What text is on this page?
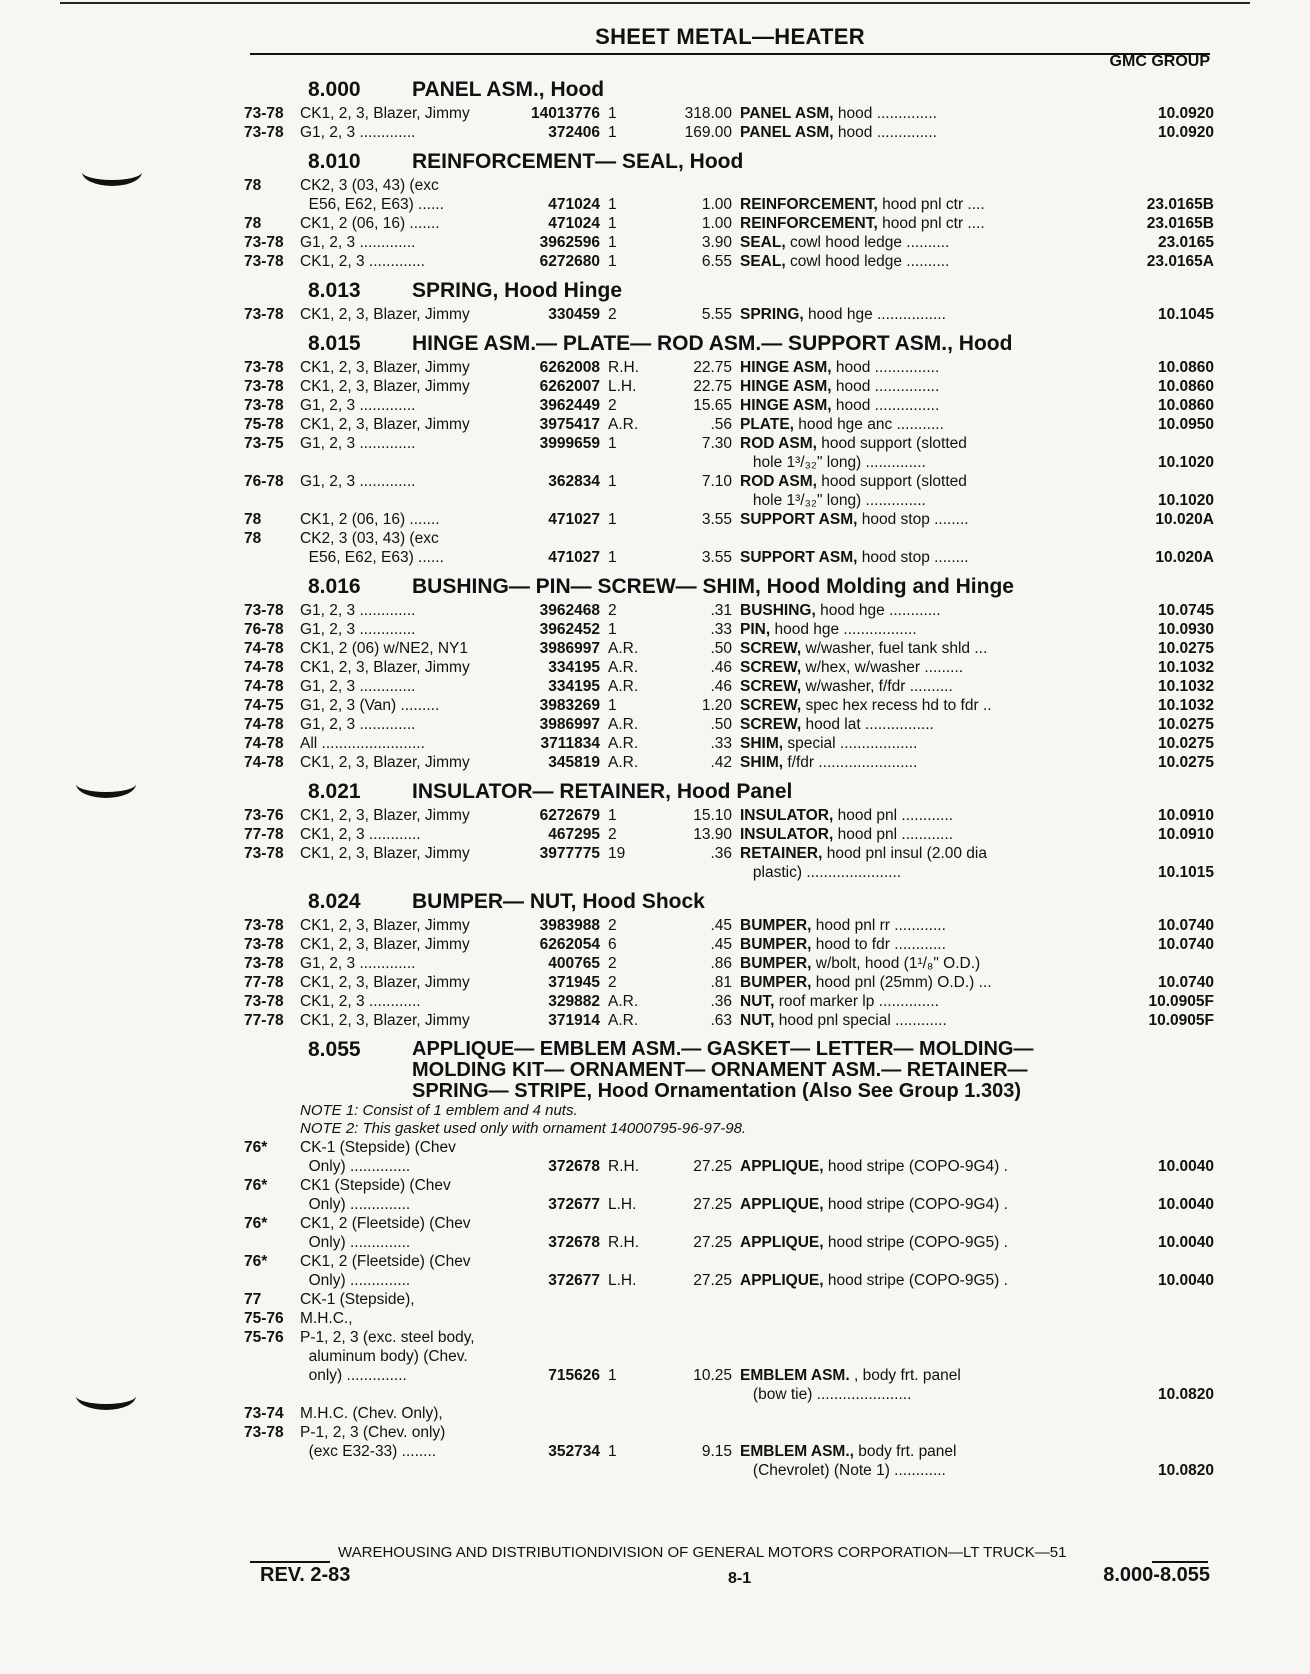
SHEET METAL—HEATER
GMC GROUP
8.000	PANEL ASM., Hood
73-78	CK1, 2, 3, Blazer, Jimmy	14013776 1	318.00 PANEL ASM, hood ..............	10.0920
73-78	G1, 2, 3 .............	372406 1	169.00 PANEL ASM, hood ..............	10.0920
8.010	REINFORCEMENT— SEAL, Hood
78	CK2, 3 (03, 43) (exc
E56, E62, E63) ......	471024 1	1.00 REINFORCEMENT, hood pnl ctr ....	23.0165B
78	CK1, 2 (06, 16) .......	471024 1	1.00 REINFORCEMENT, hood pnl ctr ....	23.0165B
73-78	G1, 2, 3 .............	3962596 1	3.90 SEAL, cowl hood ledge ..........	23.0165
73-78	CK1, 2, 3 .............	6272680 1	6.55 SEAL, cowl hood ledge ..........	23.0165A
8.013	SPRING, Hood Hinge
73-78	CK1, 2, 3, Blazer, Jimmy	330459 2	5.55 SPRING, hood hge ................	10.1045
8.015	HINGE ASM.— PLATE— ROD ASM.— SUPPORT ASM., Hood
73-78	CK1, 2, 3, Blazer, Jimmy	6262008 R.H.	22.75 HINGE ASM, hood ...............	10.0860
73-78	CK1, 2, 3, Blazer, Jimmy	6262007 L.H.	22.75 HINGE ASM, hood ...............	10.0860
73-78	G1, 2, 3 .............	3962449 2	15.65 HINGE ASM, hood ...............	10.0860
75-78	CK1, 2, 3, Blazer, Jimmy	3975417 A.R.	.56 PLATE, hood hge anc ...........	10.0950
73-75	G1, 2, 3 .............	3999659 1	7.30 ROD ASM, hood support (slotted
hole 1³/₃₂" long) ..............	10.1020
76-78	G1, 2, 3 .............	362834 1	7.10 ROD ASM, hood support (slotted
hole 1³/₃₂" long) ..............	10.1020
78	CK1, 2 (06, 16) .......	471027 1	3.55 SUPPORT ASM, hood stop ........	10.020A
78	CK2, 3 (03, 43) (exc
E56, E62, E63) ......	471027 1	3.55 SUPPORT ASM, hood stop ........	10.020A
8.016	BUSHING— PIN— SCREW— SHIM, Hood Molding and Hinge
73-78	G1, 2, 3 .............	3962468 2	.31 BUSHING, hood hge ............	10.0745
76-78	G1, 2, 3 .............	3962452 1	.33 PIN, hood hge .................	10.0930
74-78	CK1, 2 (06) w/NE2, NY1	3986997 A.R.	.50 SCREW, w/washer, fuel tank shld ...	10.0275
74-78	CK1, 2, 3, Blazer, Jimmy	334195 A.R.	.46 SCREW, w/hex, w/washer .........	10.1032
74-78	G1, 2, 3 .............	334195 A.R.	.46 SCREW, w/washer, f/fdr ..........	10.1032
74-75	G1, 2, 3 (Van) .........	3983269 1	1.20 SCREW, spec hex recess hd to fdr ..	10.1032
74-78	G1, 2, 3 .............	3986997 A.R.	.50 SCREW, hood lat ................	10.0275
74-78	All ........................	3711834 A.R.	.33 SHIM, special ..................	10.0275
74-78	CK1, 2, 3, Blazer, Jimmy	345819 A.R.	.42 SHIM, f/fdr .......................	10.0275
8.021	INSULATOR— RETAINER, Hood Panel
73-76	CK1, 2, 3, Blazer, Jimmy	6272679 1	15.10 INSULATOR, hood pnl ............	10.0910
77-78	CK1, 2, 3 ............	467295 2	13.90 INSULATOR, hood pnl ............	10.0910
73-78	CK1, 2, 3, Blazer, Jimmy	3977775 19	.36 RETAINER, hood pnl insul (2.00 dia
plastic) ......................	10.1015
8.024	BUMPER— NUT, Hood Shock
73-78	CK1, 2, 3, Blazer, Jimmy	3983988 2	.45 BUMPER, hood pnl rr ............	10.0740
73-78	CK1, 2, 3, Blazer, Jimmy	6262054 6	.45 BUMPER, hood to fdr ............	10.0740
73-78	G1, 2, 3 .............	400765 2	.86 BUMPER, w/bolt, hood (1¹/₈" O.D.)
77-78	CK1, 2, 3, Blazer, Jimmy	371945 2	.81 BUMPER, hood pnl (25mm) O.D.) ...	10.0740
73-78	CK1, 2, 3 ............	329882 A.R.	.36 NUT, roof marker lp ..............	10.0905F
77-78	CK1, 2, 3, Blazer, Jimmy	371914 A.R.	.63 NUT, hood pnl special ............	10.0905F
8.055	APPLIQUE— EMBLEM ASM.— GASKET— LETTER— MOLDING—
MOLDING KIT— ORNAMENT— ORNAMENT ASM.— RETAINER—
SPRING— STRIPE, Hood Ornamentation (Also See Group 1.303)
NOTE 1: Consist of 1 emblem and 4 nuts.
NOTE 2: This gasket used only with ornament 14000795-96-97-98.
76*	CK-1 (Stepside) (Chev
Only) ..............	372678 R.H.	27.25 APPLIQUE, hood stripe (COPO-9G4) .	10.0040
76*	CK1 (Stepside) (Chev
Only) ..............	372677 L.H.	27.25 APPLIQUE, hood stripe (COPO-9G4) .	10.0040
76*	CK1, 2 (Fleetside) (Chev
Only) ..............	372678 R.H.	27.25 APPLIQUE, hood stripe (COPO-9G5) .	10.0040
76*	CK1, 2 (Fleetside) (Chev
Only) ..............	372677 L.H.	27.25 APPLIQUE, hood stripe (COPO-9G5) .	10.0040
77	CK-1 (Stepside),
75-76	M.H.C.,
75-76	P-1, 2, 3 (exc. steel body,
aluminum body) (Chev.
only) ..............	715626 1	10.25 EMBLEM ASM. , body frt. panel
(bow tie) ......................	10.0820
73-74	M.H.C. (Chev. Only),
73-78	P-1, 2, 3 (Chev. only)
(exc E32-33) ........	352734 1	9.15 EMBLEM ASM., body frt. panel
(Chevrolet) (Note 1) ............	10.0820
WAREHOUSING AND DISTRIBUTIONDIVISION OF GENERAL MOTORS CORPORATION—LT TRUCK—51
REV. 2-83	8-1	8.000-8.055
